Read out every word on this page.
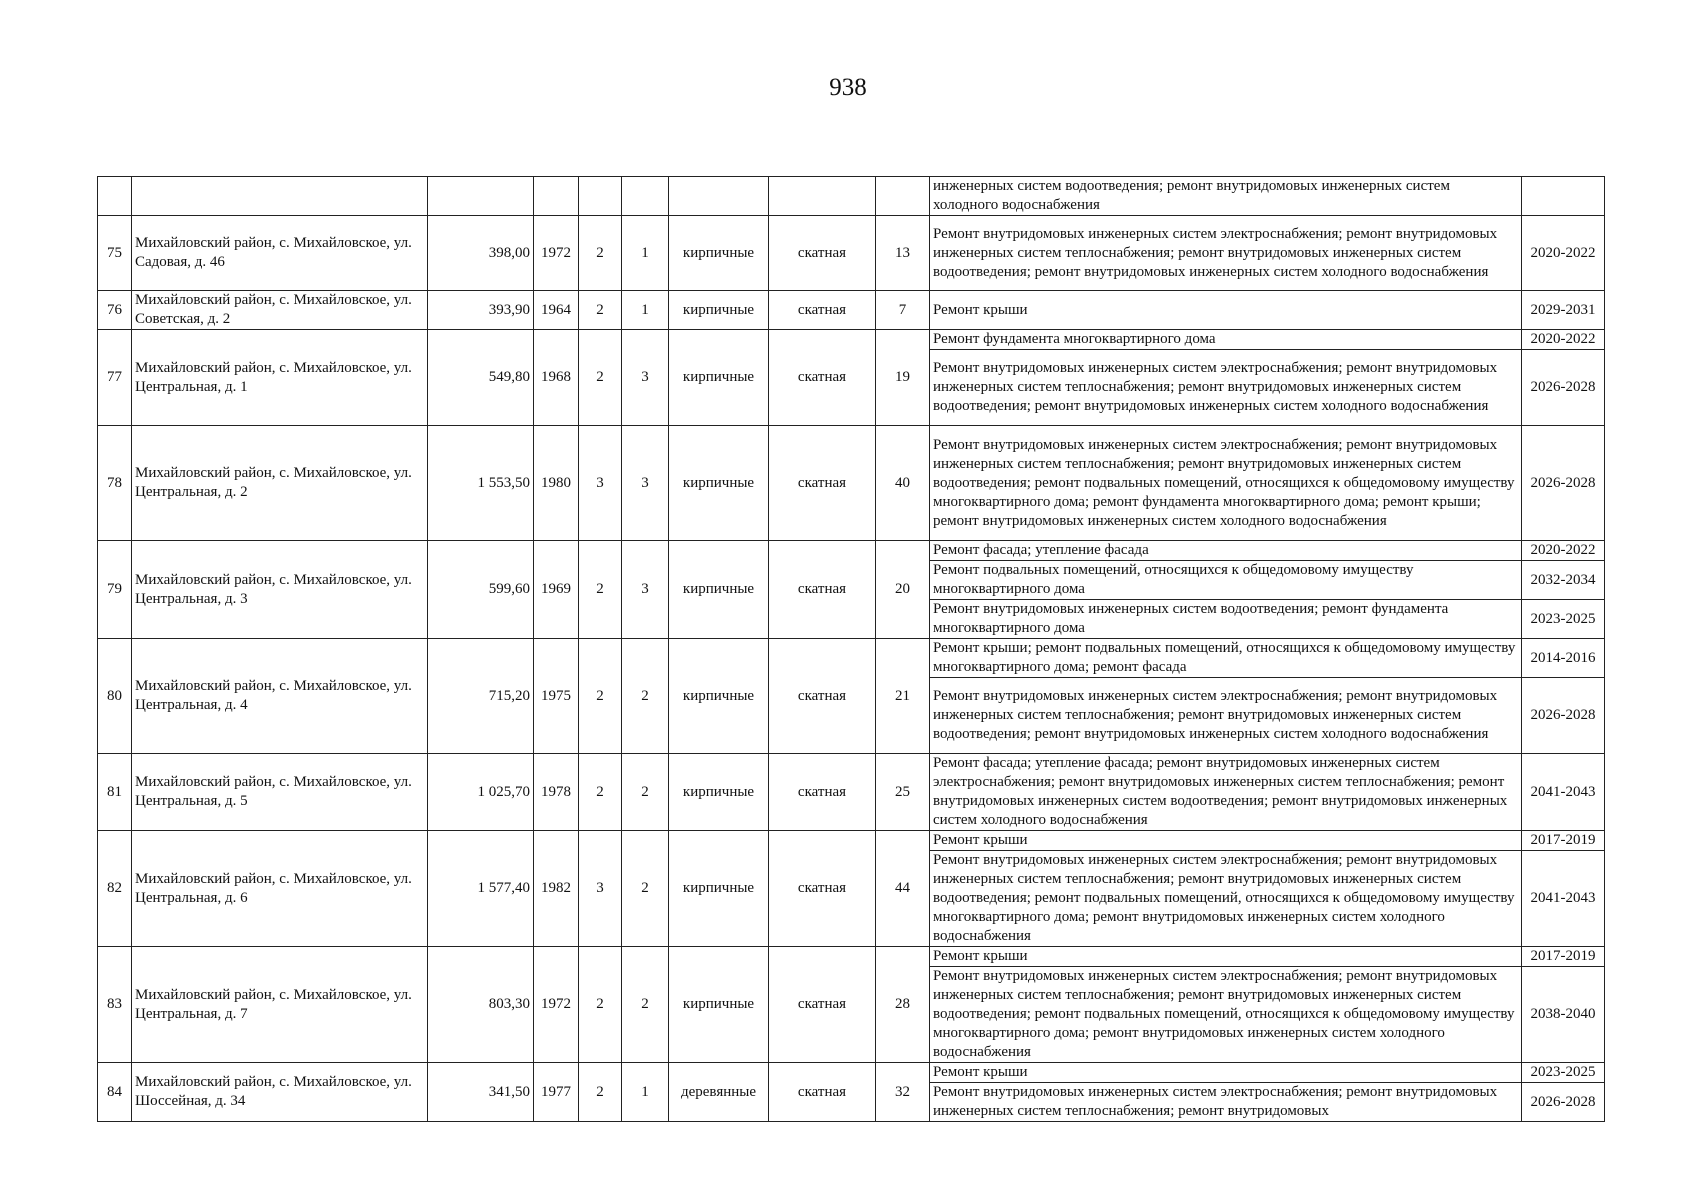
938
									инженерных систем водоотведения; ремонт внутридомовых инженерных систем холодного водоснабжения	
75	Михайловский район, с. Михайловское, ул. Садовая, д. 46	398,00	1972	2	1	кирпичные	скатная	13	Ремонт внутридомовых инженерных систем электроснабжения; ремонт внутридомовых инженерных систем теплоснабжения; ремонт внутридомовых инженерных систем водоотведения; ремонт внутридомовых инженерных систем холодного водоснабжения	2020-2022
76	Михайловский район, с. Михайловское, ул. Советская, д. 2	393,90	1964	2	1	кирпичные	скатная	7	Ремонт крыши	2029-2031
77	Михайловский район, с. Михайловское, ул. Центральная, д. 1	549,80	1968	2	3	кирпичные	скатная	19	Ремонт фундамента многоквартирного дома	2020-2022
									Ремонт внутридомовых инженерных систем электроснабжения; ремонт внутридомовых инженерных систем теплоснабжения; ремонт внутридомовых инженерных систем водоотведения; ремонт внутридомовых инженерных систем холодного водоснабжения	2026-2028
78	Михайловский район, с. Михайловское, ул. Центральная, д. 2	1 553,50	1980	3	3	кирпичные	скатная	40	Ремонт внутридомовых инженерных систем электроснабжения; ремонт внутридомовых инженерных систем теплоснабжения; ремонт внутридомовых инженерных систем водоотведения; ремонт подвальных помещений, относящихся к общедомовому имуществу многоквартирного дома; ремонт фундамента многоквартирного дома; ремонт крыши; ремонт внутридомовых инженерных систем холодного водоснабжения	2026-2028
79	Михайловский район, с. Михайловское, ул. Центральная, д. 3	599,60	1969	2	3	кирпичные	скатная	20	Ремонт фасада; утепление фасада	2020-2022
									Ремонт подвальных помещений, относящихся к общедомовому имуществу многоквартирного дома	2032-2034
									Ремонт внутридомовых инженерных систем водоотведения; ремонт фундамента многоквартирного дома	2023-2025
80	Михайловский район, с. Михайловское, ул. Центральная, д. 4	715,20	1975	2	2	кирпичные	скатная	21	Ремонт крыши; ремонт подвальных помещений, относящихся к общедомовому имуществу многоквартирного дома; ремонт фасада	2014-2016
									Ремонт внутридомовых инженерных систем электроснабжения; ремонт внутридомовых инженерных систем теплоснабжения; ремонт внутридомовых инженерных систем водоотведения; ремонт внутридомовых инженерных систем холодного водоснабжения	2026-2028
81	Михайловский район, с. Михайловское, ул. Центральная, д. 5	1 025,70	1978	2	2	кирпичные	скатная	25	Ремонт фасада; утепление фасада; ремонт внутридомовых инженерных систем электроснабжения; ремонт внутридомовых инженерных систем теплоснабжения; ремонт внутридомовых инженерных систем водоотведения; ремонт внутридомовых инженерных систем холодного водоснабжения	2041-2043
82	Михайловский район, с. Михайловское, ул. Центральная, д. 6	1 577,40	1982	3	2	кирпичные	скатная	44	Ремонт крыши	2017-2019
									Ремонт внутридомовых инженерных систем электроснабжения; ремонт внутридомовых инженерных систем теплоснабжения; ремонт внутридомовых инженерных систем водоотведения; ремонт подвальных помещений, относящихся к общедомовому имуществу многоквартирного дома; ремонт внутридомовых инженерных систем холодного водоснабжения	2041-2043
83	Михайловский район, с. Михайловское, ул. Центральная, д. 7	803,30	1972	2	2	кирпичные	скатная	28	Ремонт крыши	2017-2019
									Ремонт внутридомовых инженерных систем электроснабжения; ремонт внутридомовых инженерных систем теплоснабжения; ремонт внутридомовых инженерных систем водоотведения; ремонт подвальных помещений, относящихся к общедомовому имуществу многоквартирного дома; ремонт внутридомовых инженерных систем холодного водоснабжения	2038-2040
84	Михайловский район, с. Михайловское, ул. Шоссейная, д. 34	341,50	1977	2	1	деревянные	скатная	32	Ремонт крыши	2023-2025
									Ремонт внутридомовых инженерных систем электроснабжения; ремонт внутридомовых инженерных систем теплоснабжения; ремонт внутридомовых	2026-2028
